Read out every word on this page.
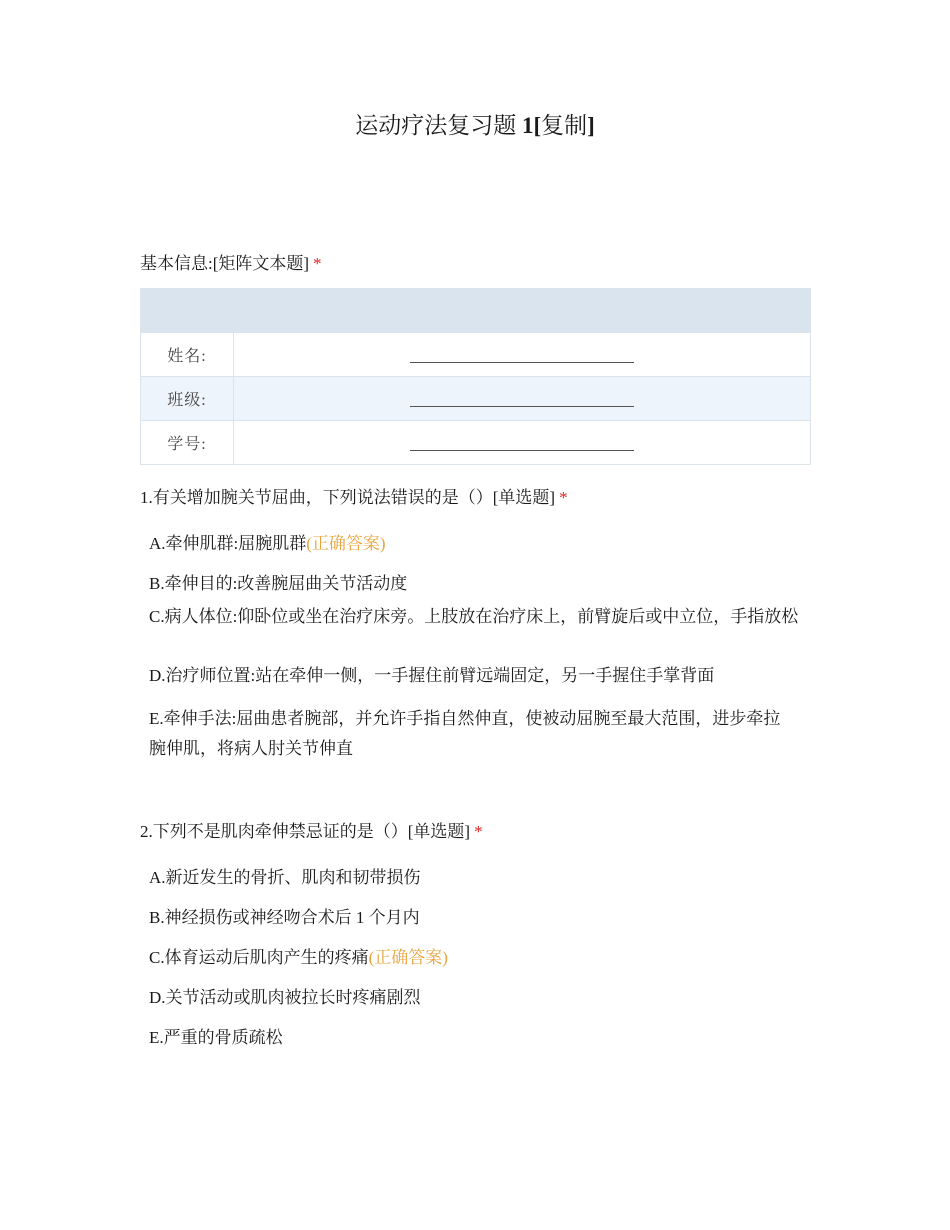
运动疗法复习题 1[复制]
基本信息:[矩阵文本题] *

姓名:	
班级:	
学号:	
1.有关增加腕关节屈曲，下列说法错误的是（）[单选题] *
A.牵伸肌群:屈腕肌群(正确答案)
B.牵伸目的:改善腕屈曲关节活动度
C.病人体位:仰卧位或坐在治疗床旁。上肢放在治疗床上，前臂旋后或中立位，手指放松
D.治疗师位置:站在牵伸一侧，一手握住前臂远端固定，另一手握住手掌背面
E.牵伸手法:屈曲患者腕部，并允许手指自然伸直，使被动屈腕至最大范围，进步牵拉腕伸肌，将病人肘关节伸直
2.下列不是肌肉牵伸禁忌证的是（）[单选题] *
A.新近发生的骨折、肌肉和韧带损伤
B.神经损伤或神经吻合术后 1 个月内
C.体育运动后肌肉产生的疼痛(正确答案)
D.关节活动或肌肉被拉长时疼痛剧烈
E.严重的骨质疏松
